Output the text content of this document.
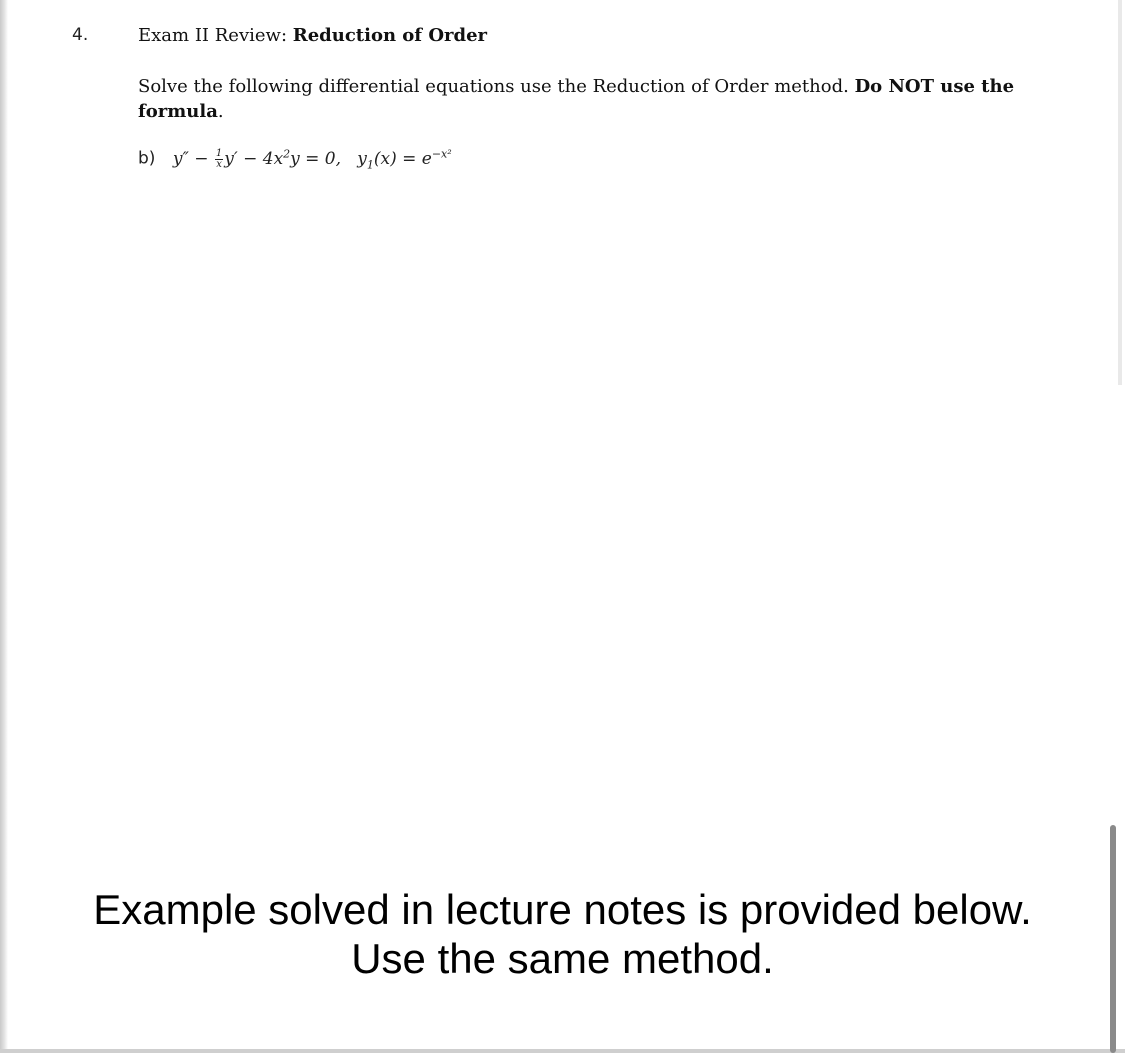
4.	Exam II Review: Reduction of Order
Solve the following differential equations use the Reduction of Order method. Do NOT use the formula.
b) $y'' - \frac{1}{x} y' - 4x^2y = 0$, $y_1(x) = e^{-x^2}$
Example solved in lecture notes is provided below.
Use the same method.
